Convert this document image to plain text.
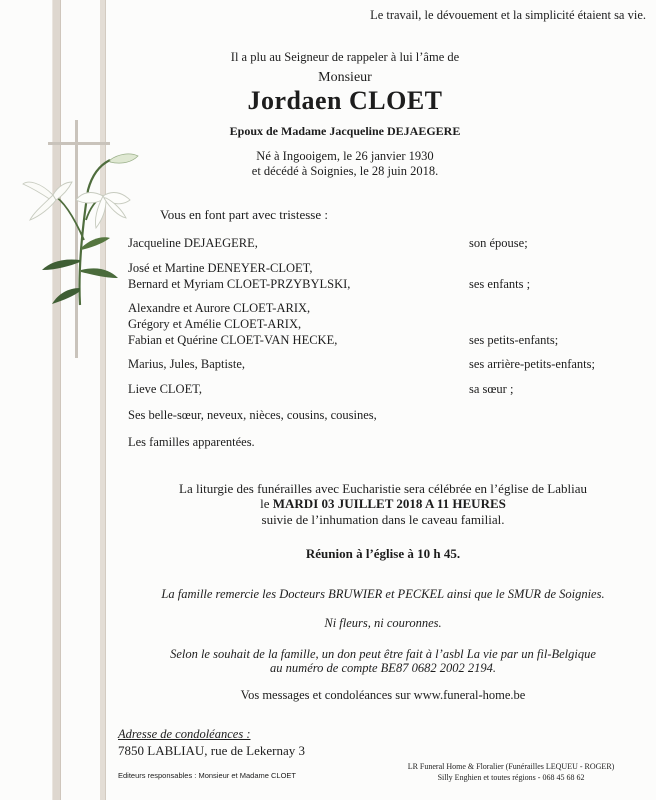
Le travail, le dévouement et la simplicité étaient sa vie.
Il a plu au Seigneur de rappeler à lui l’âme de
Monsieur
Jordaen CLOET
Epoux de Madame Jacqueline DEJAEGERE
Né à Ingooigem, le 26 janvier 1930
et décédé à Soignies, le 28 juin 2018.
Vous en font part avec tristesse :
Jacqueline DEJAEGERE,	son épouse;
José et Martine DENEYER-CLOET,
Bernard et Myriam CLOET-PRZYBYLSKI,	ses enfants ;
Alexandre et Aurore CLOET-ARIX,
Grégory et Amélie CLOET-ARIX,
Fabian et Quérine CLOET-VAN HECKE,	ses petits-enfants;
Marius, Jules, Baptiste,	ses arrière-petits-enfants;
Lieve CLOET,	sa sœur ;
Ses belle-sœur, neveux, nièces, cousins, cousines,
Les familles apparentées.
La liturgie des funérailles avec Eucharistie sera célébrée en l’église de Labliau
le MARDI 03 JUILLET 2018 A 11 HEURES
suivie de l’inhumation dans le caveau familial.
Réunion à l’église à 10 h 45.
La famille remercie les Docteurs BRUWIER et PECKEL ainsi que le SMUR de Soignies.
Ni fleurs, ni couronnes.
Selon le souhait de la famille, un don peut être fait à l’asbl La vie par un fil-Belgique
au numéro de compte BE87 0682 2002 2194.
Vos messages et condoléances sur www.funeral-home.be
Adresse de condoléances :
7850 LABLIAU, rue de Lekernay 3
Editeurs responsables : Monsieur et Madame CLOET
LR Funeral Home & Floralier (Funérailles LEQUEU - ROGER)
Silly Enghien et toutes régions - 068 45 68 62
